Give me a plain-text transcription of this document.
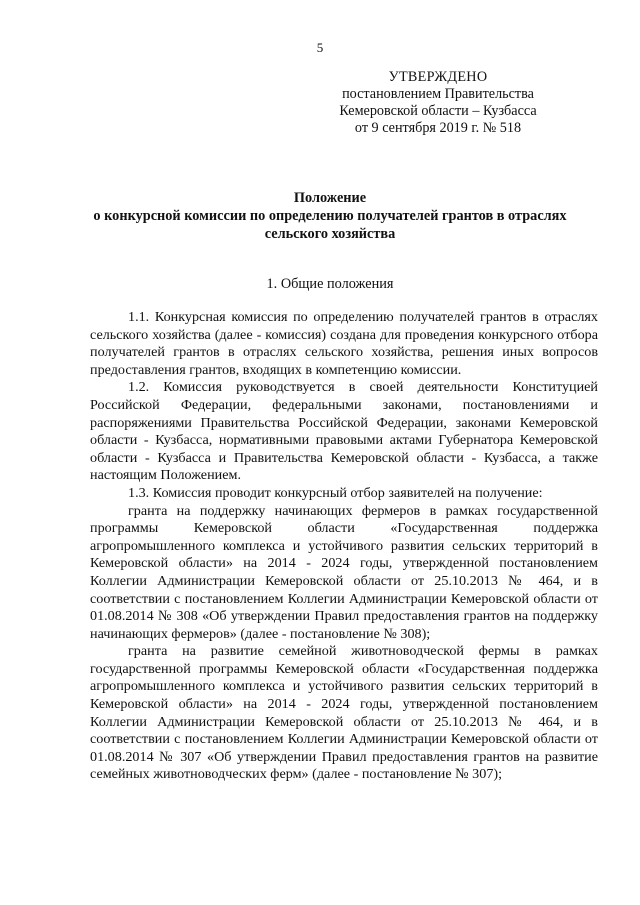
5
УТВЕРЖДЕНО
постановлением Правительства
Кемеровской области – Кузбасса
от 9 сентября 2019 г. № 518
Положение
о конкурсной комиссии по определению получателей грантов в отраслях
сельского хозяйства
1. Общие положения

1.1. Конкурсная комиссия по определению получателей грантов в отраслях сельского хозяйства (далее - комиссия) создана для проведения конкурсного отбора получателей грантов в отраслях сельского хозяйства, решения иных вопросов предоставления грантов, входящих в компетенцию комиссии.

1.2. Комиссия руководствуется в своей деятельности Конституцией Российской Федерации, федеральными законами, постановлениями и распоряжениями Правительства Российской Федерации, законами Кемеровской области - Кузбасса, нормативными правовыми актами Губернатора Кемеровской области - Кузбасса и Правительства Кемеровской области - Кузбасса, а также настоящим Положением.

1.3. Комиссия проводит конкурсный отбор заявителей на получение:

гранта на поддержку начинающих фермеров в рамках государственной программы Кемеровской области «Государственная поддержка агропромышленного комплекса и устойчивого развития сельских территорий в Кемеровской области» на 2014 - 2024 годы, утвержденной постановлением Коллегии Администрации Кемеровской области от 25.10.2013 № 464, и в соответствии с постановлением Коллегии Администрации Кемеровской области от 01.08.2014 № 308 «Об утверждении Правил предоставления грантов на поддержку начинающих фермеров» (далее - постановление № 308);

гранта на развитие семейной животноводческой фермы в рамках государственной программы Кемеровской области «Государственная поддержка агропромышленного комплекса и устойчивого развития сельских территорий в Кемеровской области» на 2014 - 2024 годы, утвержденной постановлением Коллегии Администрации Кемеровской области от 25.10.2013 № 464, и в соответствии с постановлением Коллегии Администрации Кемеровской области от 01.08.2014 № 307 «Об утверждении Правил предоставления грантов на развитие семейных животноводческих ферм» (далее - постановление № 307);
